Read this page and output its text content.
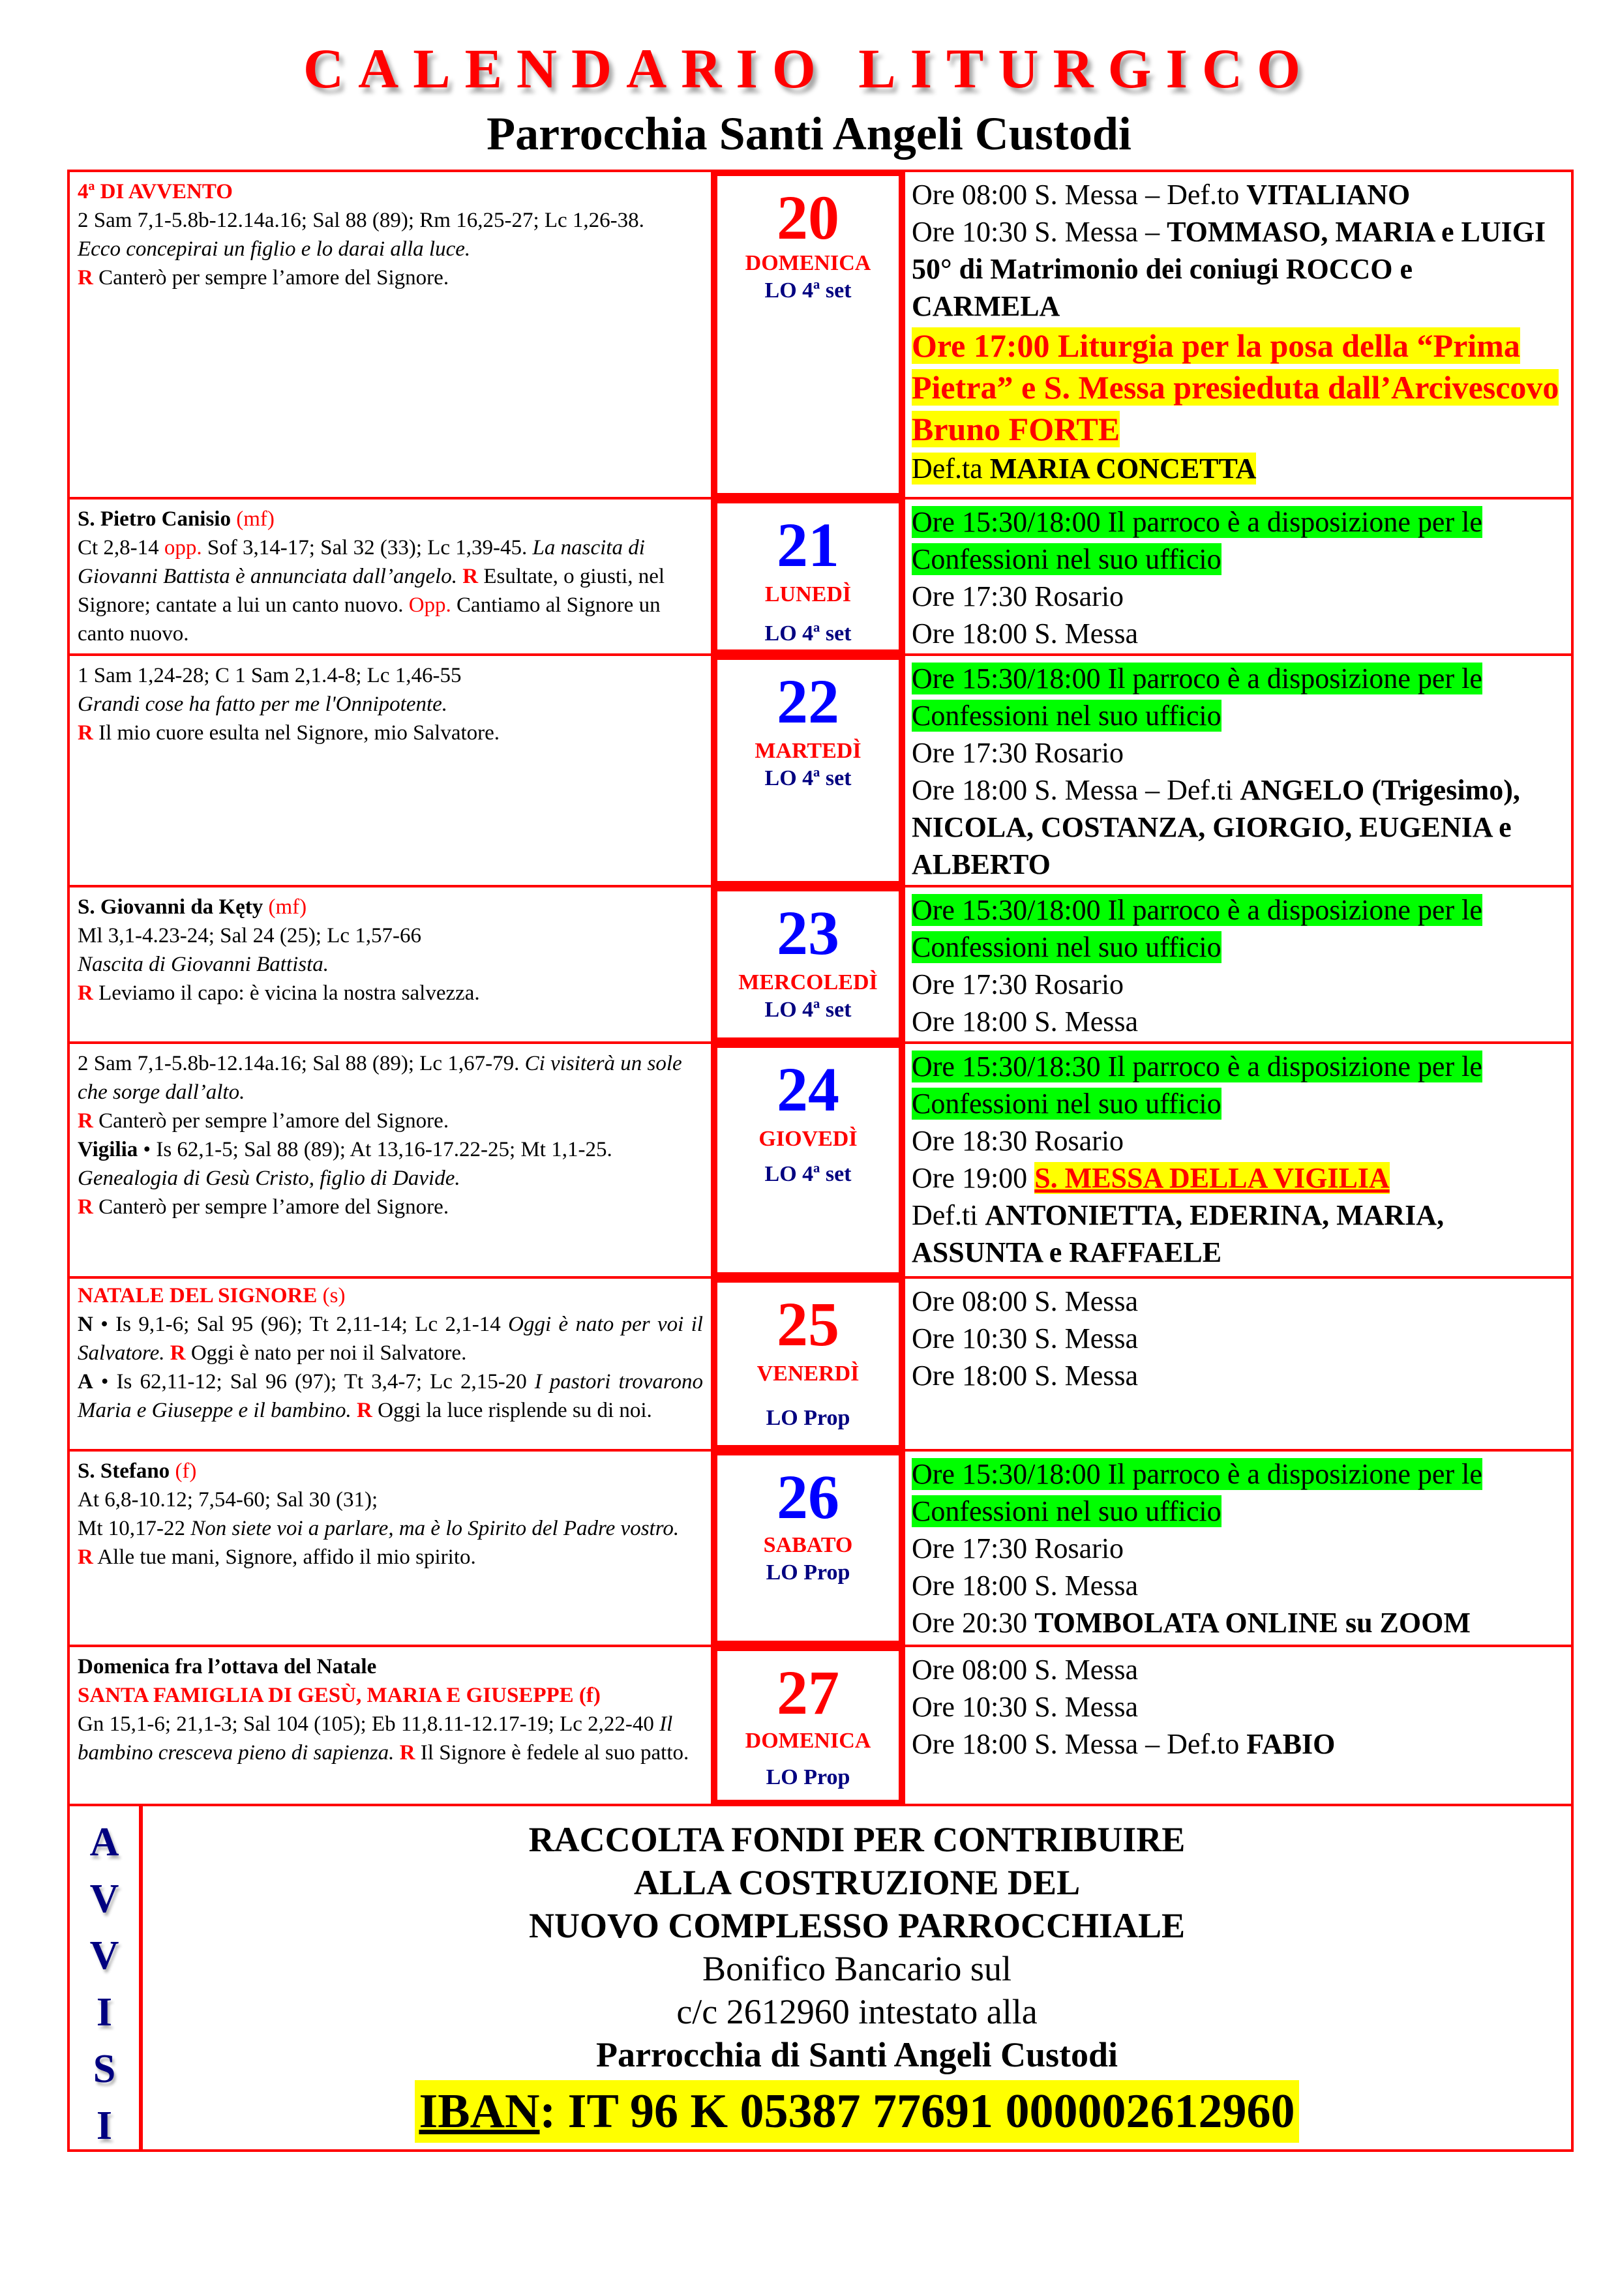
CALENDARIO LITURGICO
Parrocchia Santi Angeli Custodi
4ª DI AVVENTO
2 Sam 7,1-5.8b-12.14a.16; Sal 88 (89); Rm 16,25-27; Lc 1,26-38.
Ecco concepirai un figlio e lo darai alla luce.
R Canterò per sempre l’amore del Signore.
20
DOMENICA
LO 4ª set
Ore 08:00 S. Messa – Def.to VITALIANO
Ore 10:30 S. Messa – TOMMASO, MARIA e LUIGI 50° di Matrimonio dei coniugi ROCCO e CARMELA
Ore 17:00 Liturgia per la posa della “Prima Pietra” e S. Messa presieduta dall’Arcivescovo Bruno FORTE
Def.ta MARIA CONCETTA
S. Pietro Canisio (mf)
Ct 2,8-14 opp. Sof 3,14-17; Sal 32 (33); Lc 1,39-45. La nascita di Giovanni Battista è annunciata dall’angelo. R Esultate, o giusti, nel Signore; cantate a lui un canto nuovo. Opp. Cantiamo al Signore un canto nuovo.
21
LUNEDÌ
LO 4ª set
Ore 15:30/18:00 Il parroco è a disposizione per le Confessioni nel suo ufficio
Ore 17:30 Rosario
Ore 18:00 S. Messa
1 Sam 1,24-28; C 1 Sam 2,1.4-8; Lc 1,46-55
Grandi cose ha fatto per me l'Onnipotente.
R Il mio cuore esulta nel Signore, mio Salvatore.	22
MARTEDÌ
LO 4ª set
Ore 15:30/18:00 Il parroco è a disposizione per le Confessioni nel suo ufficio
Ore 17:30 Rosario
Ore 18:00 S. Messa – Def.ti ANGELO (Trigesimo), NICOLA, COSTANZA, GIORGIO, EUGENIA e ALBERTO
S. Giovanni da Kęty (mf)
Ml 3,1-4.23-24; Sal 24 (25); Lc 1,57-66
Nascita di Giovanni Battista.
R Leviamo il capo: è vicina la nostra salvezza.
23
MERCOLEDÌ
LO 4ª set
Ore 15:30/18:00 Il parroco è a disposizione per le Confessioni nel suo ufficio
Ore 17:30 Rosario
Ore 18:00 S. Messa
2 Sam 7,1-5.8b-12.14a.16; Sal 88 (89); Lc 1,67-79. Ci visiterà un sole che sorge dall’alto.
R Canterò per sempre l’amore del Signore.
Vigilia • Is 62,1-5; Sal 88 (89); At 13,16-17.22-25; Mt 1,1-25.
Genealogia di Gesù Cristo, figlio di Davide.
R Canterò per sempre l’amore del Signore.
24
GIOVEDÌ
LO 4ª set
Ore 15:30/18:30 Il parroco è a disposizione per le Confessioni nel suo ufficio
Ore 18:30 Rosario
Ore 19:00 S. MESSA DELLA VIGILIA
Def.ti ANTONIETTA, EDERINA, MARIA, ASSUNTA e RAFFAELE
NATALE DEL SIGNORE (s)
N • Is 9,1-6; Sal 95 (96); Tt 2,11-14; Lc 2,1-14 Oggi è nato per voi il Salvatore. R Oggi è nato per noi il Salvatore.
A • Is 62,11-12; Sal 96 (97); Tt 3,4-7; Lc 2,15-20 I pastori trovarono Maria e Giuseppe e il bambino. R Oggi la luce risplende su di noi.
25
VENERDÌ
LO Prop
Ore 08:00 S. Messa
Ore 10:30 S. Messa
Ore 18:00 S. Messa
S. Stefano (f)
At 6,8-10.12; 7,54-60; Sal 30 (31);
Mt 10,17-22 Non siete voi a parlare, ma è lo Spirito del Padre vostro.
R Alle tue mani, Signore, affido il mio spirito.
26
SABATO
LO Prop
Ore 15:30/18:00 Il parroco è a disposizione per le Confessioni nel suo ufficio
Ore 17:30 Rosario
Ore 18:00 S. Messa
Ore 20:30 TOMBOLATA ONLINE su ZOOM
Domenica fra l’ottava del Natale
SANTA FAMIGLIA DI GESÙ, MARIA E GIUSEPPE (f)
Gn 15,1-6; 21,1-3; Sal 104 (105); Eb 11,8.11-12.17-19; Lc 2,22-40 Il bambino cresceva pieno di sapienza. R Il Signore è fedele al suo patto.
27
DOMENICA
LO Prop
Ore 08:00 S. Messa
Ore 10:30 S. Messa
Ore 18:00 S. Messa – Def.to FABIO
A
V
V
I
S
I
RACCOLTA FONDI PER CONTRIBUIRE
ALLA COSTRUZIONE DEL
NUOVO COMPLESSO PARROCCHIALE
Bonifico Bancario sul
c/c 2612960 intestato alla
Parrocchia di Santi Angeli Custodi
IBAN: IT 96 K 05387 77691 000002612960
